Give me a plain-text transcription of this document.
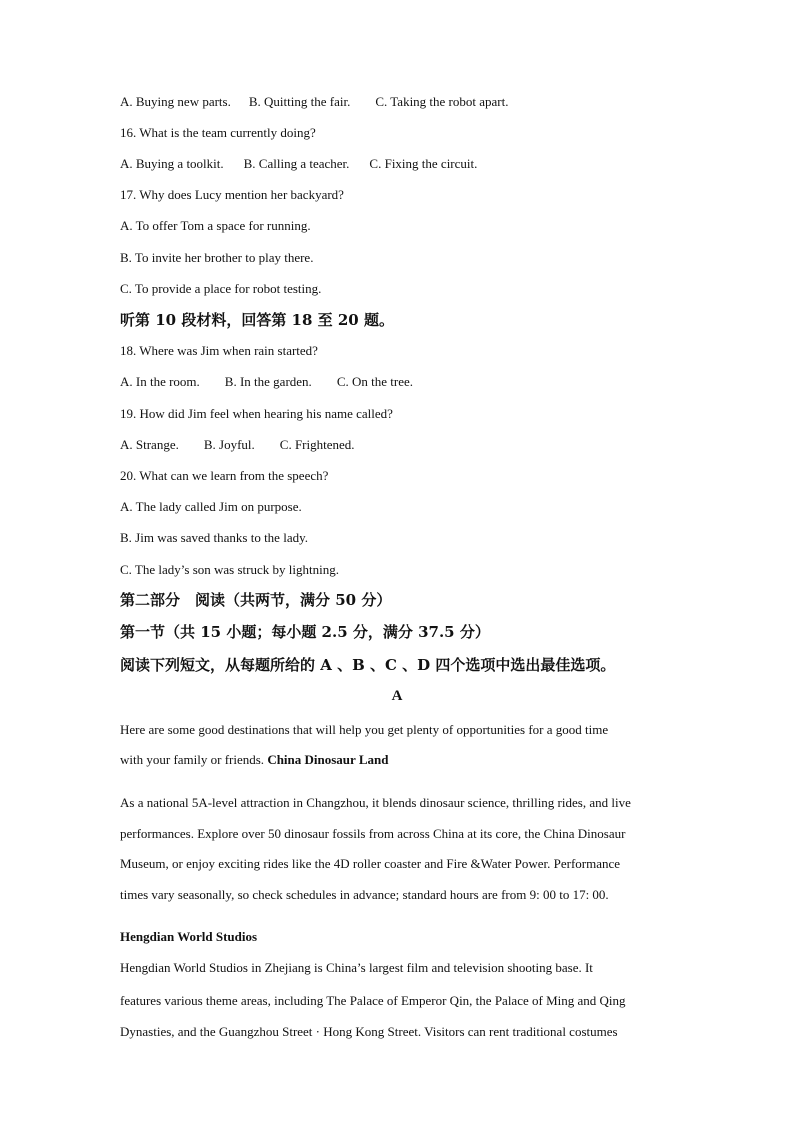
A. Buying new parts. B. Quitting the fair. C. Taking the robot apart.
16. What is the team currently doing?
A. Buying a toolkit. B. Calling a teacher. C. Fixing the circuit.
17. Why does Lucy mention her backyard?
A. To offer Tom a space for running.
B. To invite her brother to play there.
C. To provide a place for robot testing.
听第 10 段材料，回答第 18 至 20 题。
18. Where was Jim when rain started?
A. In the room. B. In the garden. C. On the tree.
19. How did Jim feel when hearing his name called?
A. Strange. B. Joyful. C. Frightened.
20. What can we learn from the speech?
A. The lady called Jim on purpose.
B. Jim was saved thanks to the lady.
C. The lady’s son was struck by lightning.
第二部分　阅读（共两节，满分 50 分）
第一节（共 15 小题；每小题 2.5 分，满分 37.5 分）
阅读下列短文，从每题所给的 A 、B 、C 、D 四个选项中选出最佳选项。
A
Here are some good destinations that will help you get plenty of opportunities for a good time
with your family or friends. China Dinosaur Land
As a national 5A-level attraction in Changzhou, it blends dinosaur science, thrilling rides, and live
performances. Explore over 50 dinosaur fossils from across China at its core, the China Dinosaur
Museum, or enjoy exciting rides like the 4D roller coaster and Fire &Water Power. Performance
times vary seasonally, so check schedules in advance; standard hours are from 9: 00 to 17: 00.
Hengdian World Studios
Hengdian World Studios in Zhejiang is China’s largest film and television shooting base. It
features various theme areas, including The Palace of Emperor Qin, the Palace of Ming and Qing
Dynasties, and the Guangzhou Street · Hong Kong Street. Visitors can rent traditional costumes
